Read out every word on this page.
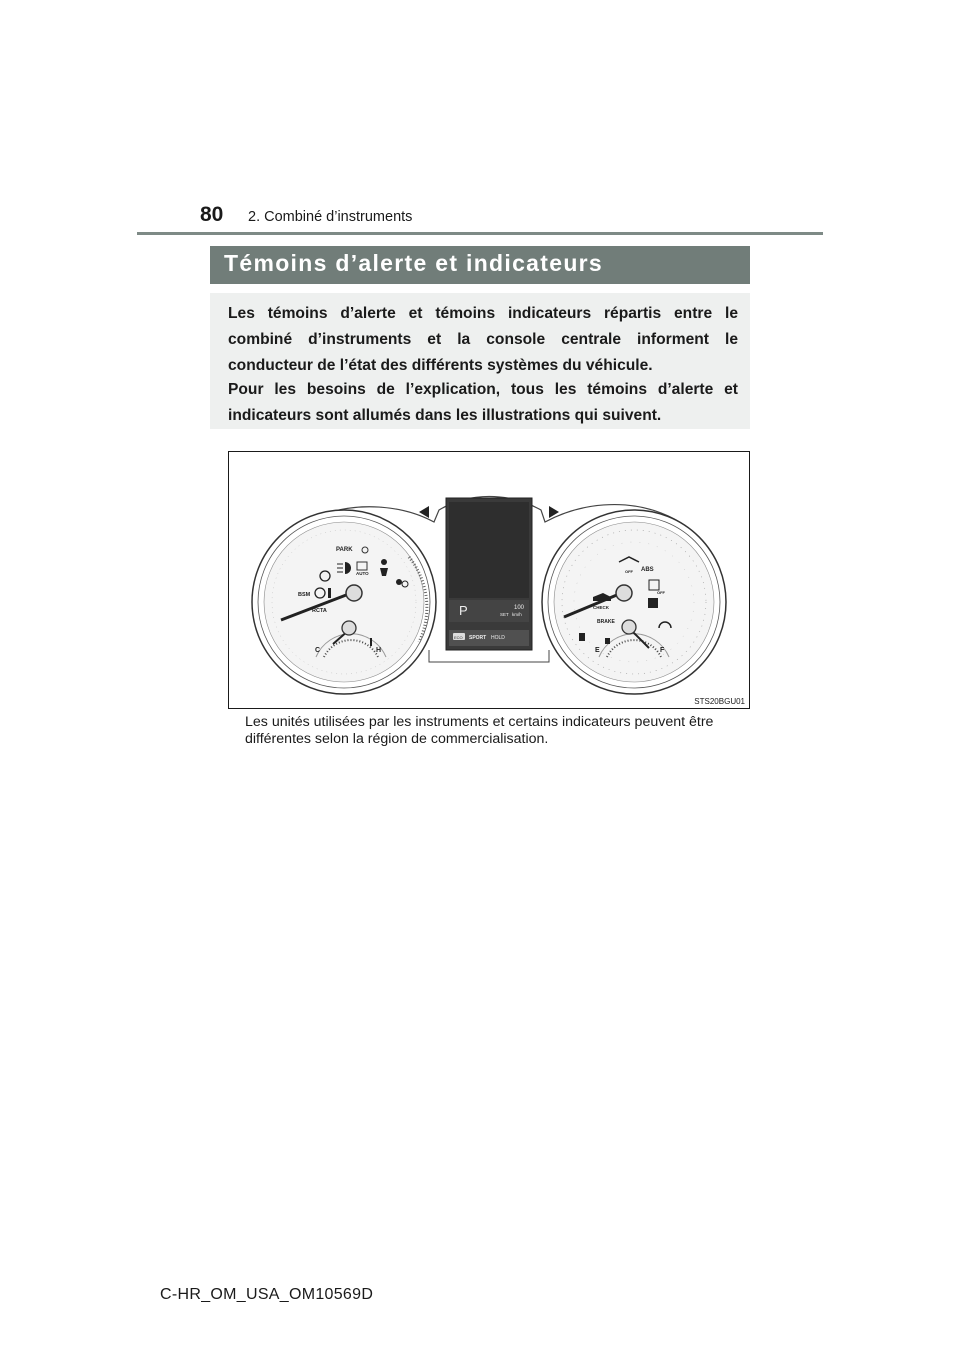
80 2. Combiné d’instruments
Témoins d’alerte et indicateurs

Les témoins d’alerte et témoins indicateurs répartis entre le combiné d’instruments et la console centrale informent le conducteur de l’état des différents systèmes du véhicule.

Pour les besoins de l’explication, tous les témoins d’alerte et indicateurs sont allumés dans les illustrations qui suivent.

PARK
BSM
RCTA
AUTO
C	H
P	100
SET km/h
ECO SPORT HOLD
ABS
OFF
OFF
CHECK
BRAKE
E	F
STS20BGU01
Les unités utilisées par les instruments et certains indicateurs peuvent être différentes selon la région de commercialisation.
C-HR_OM_USA_OM10569D
